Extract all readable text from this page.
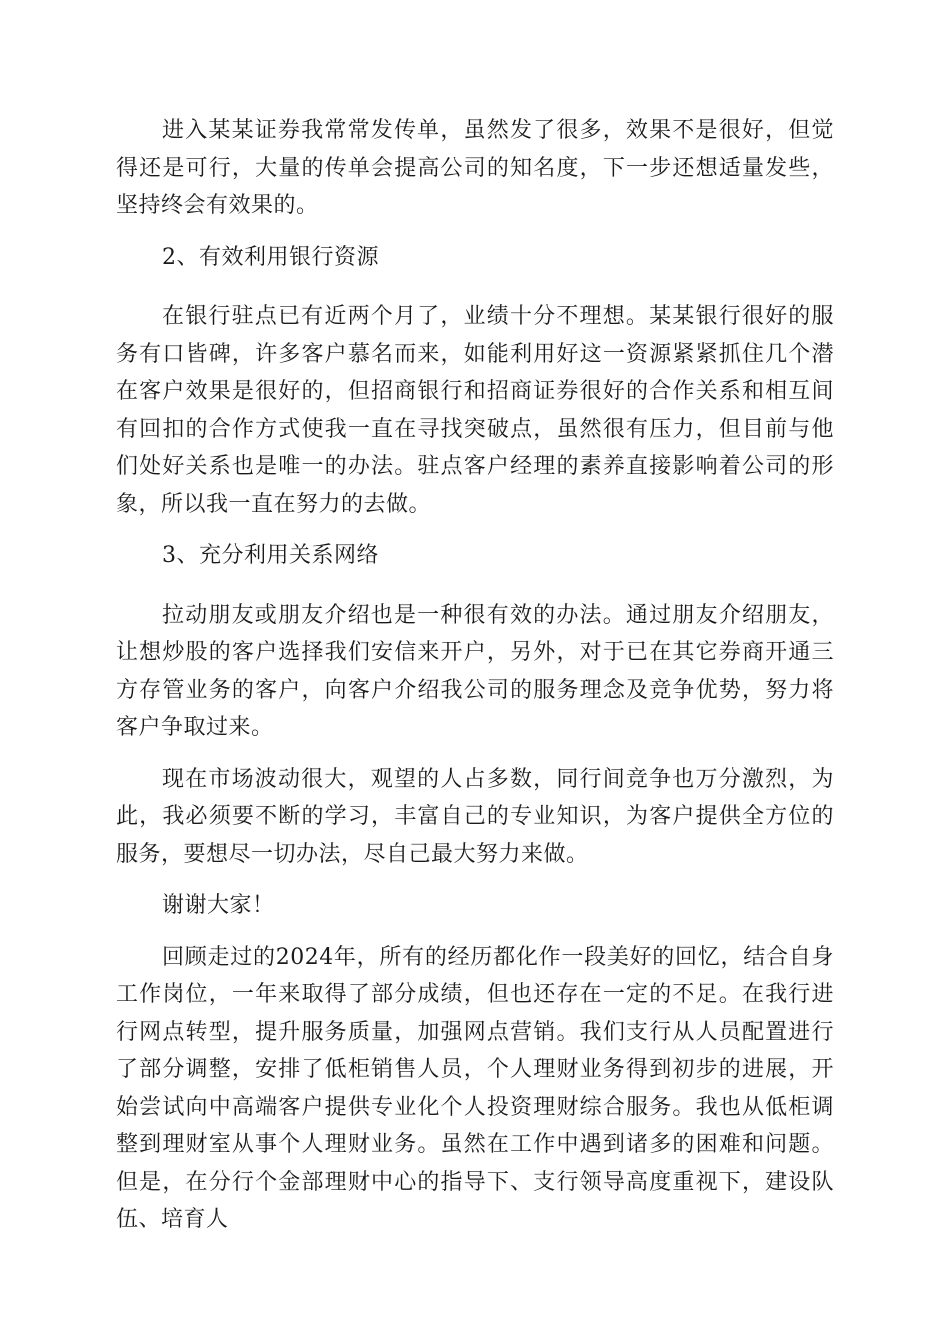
进入某某证券我常常发传单，虽然发了很多，效果不是很好，但觉得还是可行，大量的传单会提高公司的知名度，下一步还想适量发些，坚持终会有效果的。

2、有效利用银行资源

在银行驻点已有近两个月了，业绩十分不理想。某某银行很好的服务有口皆碑，许多客户慕名而来，如能利用好这一资源紧紧抓住几个潜在客户效果是很好的，但招商银行和招商证券很好的合作关系和相互间有回扣的合作方式使我一直在寻找突破点，虽然很有压力，但目前与他们处好关系也是唯一的办法。驻点客户经理的素养直接影响着公司的形象，所以我一直在努力的去做。

3、充分利用关系网络

拉动朋友或朋友介绍也是一种很有效的办法。通过朋友介绍朋友，让想炒股的客户选择我们安信来开户，另外，对于已在其它券商开通三方存管业务的客户，向客户介绍我公司的服务理念及竞争优势，努力将客户争取过来。

现在市场波动很大，观望的人占多数，同行间竞争也万分激烈，为此，我必须要不断的学习，丰富自己的专业知识，为客户提供全方位的服务，要想尽一切办法，尽自己最大努力来做。

谢谢大家！

回顾走过的2024年，所有的经历都化作一段美好的回忆，结合自身工作岗位，一年来取得了部分成绩，但也还存在一定的不足。在我行进行网点转型，提升服务质量，加强网点营销。我们支行从人员配置进行了部分调整，安排了低柜销售人员，个人理财业务得到初步的进展，开始尝试向中高端客户提供专业化个人投资理财综合服务。我也从低柜调整到理财室从事个人理财业务。虽然在工作中遇到诸多的困难和问题。但是，在分行个金部理财中心的指导下、支行领导高度重视下，建设队伍、培育人
